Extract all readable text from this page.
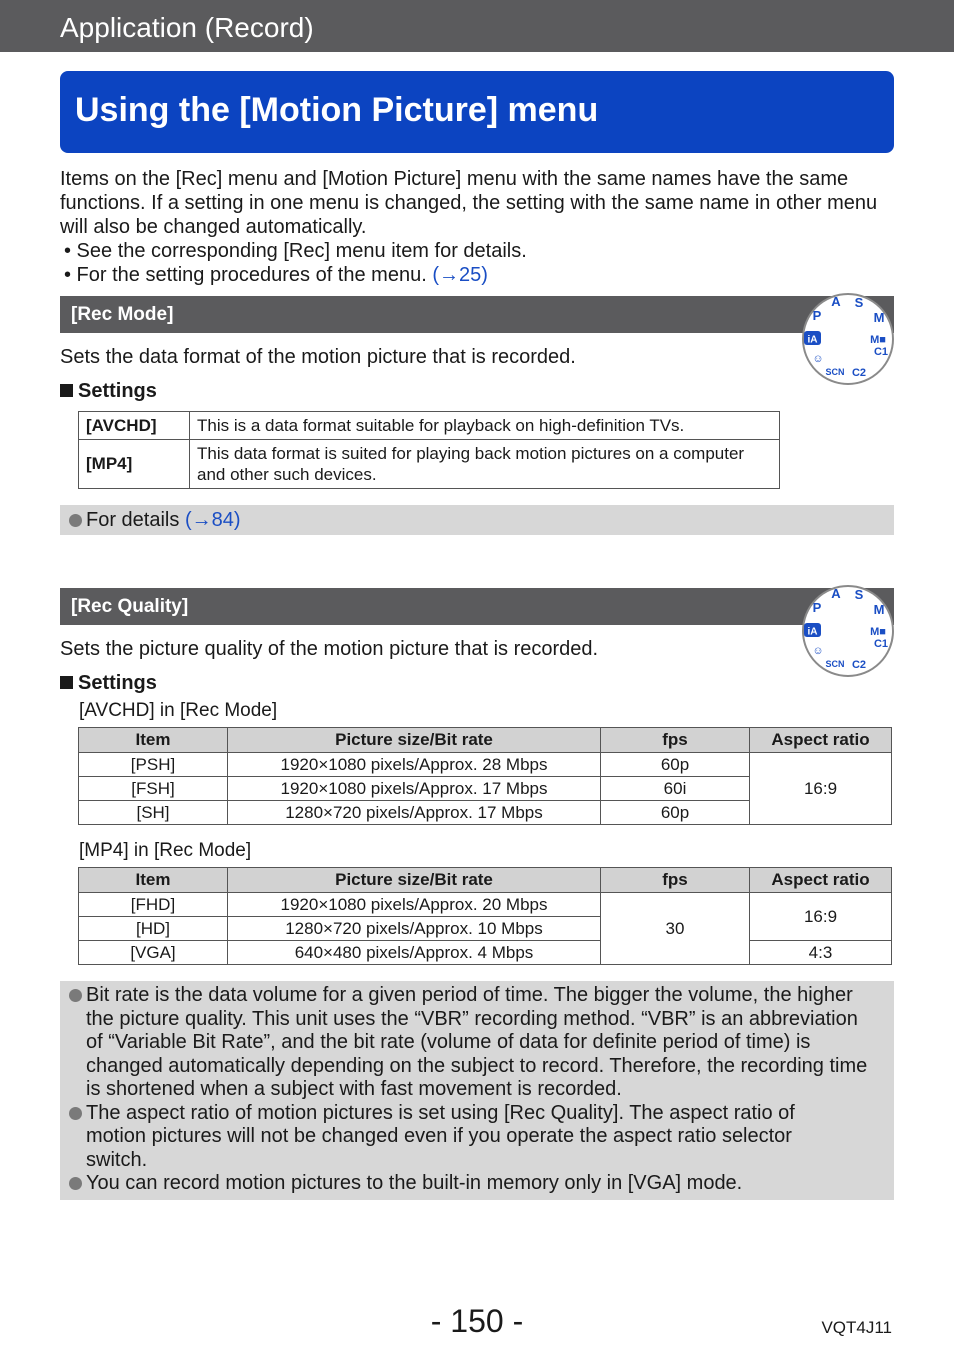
Application (Record)
Using the [Motion Picture] menu

Items on the [Rec] menu and [Motion Picture] menu with the same names have the same functions. If a setting in one menu is changed, the setting with the same name in other menu will also be changed automatically.

• See the corresponding [Rec] menu item for details.

• For the setting procedures of the menu. (→25)

[Rec Mode]	P
A S
M
C1
C2
SCN
iA	M■
☺
Sets the data format of the motion picture that is recorded.
Settings
[AVCHD]	This is a data format suitable for playback on high-definition TVs.
[MP4]	This data format is suited for playing back motion pictures on a computer and other such devices.
For details (→84)
[Rec Quality]	P
A S
M
C1
C2
SCN
iA	M■
☺
Sets the picture quality of the motion picture that is recorded.
Settings
[AVCHD] in [Rec Mode]
Item	Picture size/Bit rate	fps	Aspect ratio
[PSH]	1920×1080 pixels/Approx. 28 Mbps	60p	16:9
[FSH]	1920×1080 pixels/Approx. 17 Mbps	60i	
[SH]	1280×720 pixels/Approx. 17 Mbps	60p	
[MP4] in [Rec Mode]
Item	Picture size/Bit rate	fps	Aspect ratio
[FHD]	1920×1080 pixels/Approx. 20 Mbps	30	16:9
[HD]	1280×720 pixels/Approx. 10 Mbps		
[VGA]	640×480 pixels/Approx. 4 Mbps		4:3
Bit rate is the data volume for a given period of time. The bigger the volume, the higher the picture quality. This unit uses the “VBR” recording method. “VBR” is an abbreviation of “Variable Bit Rate”, and the bit rate (volume of data for definite period of time) is changed automatically depending on the subject to record. Therefore, the recording time is shortened when a subject with fast movement is recorded.
The aspect ratio of motion pictures is set using [Rec Quality]. The aspect ratio of motion pictures will not be changed even if you operate the aspect ratio selector switch.
You can record motion pictures to the built-in memory only in [VGA] mode.
- 150 -	VQT4J11
